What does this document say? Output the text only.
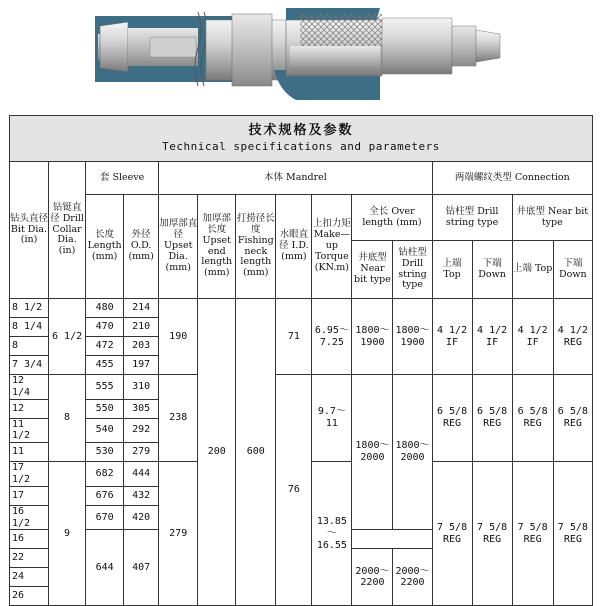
技术规格及参数
Technical specifications and parameters														

钻头直径 Bit Dia. (in)	钻铤直径 Drill Collar Dia. (in)	套 Sleeve		本体 Mandrel							两端螺纹类型 Connection			
		长度 Length (mm)	外径 O.D. (mm)	加厚部直径 Upset Dia. (mm)	加厚部长度 Upset end length (mm)	打捞径长度 Fishing neck length (mm)	水眼直径 I.D. (mm)	上扣力矩 Make—up Torque (KN.m)	全长 Over length (mm)		钻柱型 Drill string type		井底型 Near bit type	
									井底型 Near bit type	钻柱型 Drill string type	上端 Top	下端 Down	上端 Top	下端 Down
8 1/2	6 1/2	480	214	190	200	600	71	6.95～7.25	1800～1900	1800～1900	4 1/2 IF	4 1/2 IF	4 1/2 IF	4 1/2 REG
8 1/4		470	210											
8		472	203											
7 3/4		455	197											
12 1/4	8	555	310	238			76	9.7～11	1800～2000	1800～2000	6 5/8 REG	6 5/8 REG	6 5/8 REG	6 5/8 REG
12		550	305											
11 1/2		540	292											
11		530	279											
17 1/2	9	682	444	279				13.85～16.55			7 5/8 REG	7 5/8 REG	7 5/8 REG	7 5/8 REG
17		676	432											
16 1/2		670	420											
16		644	407											
22									2000～2200	2000～2200				
24														
26														
